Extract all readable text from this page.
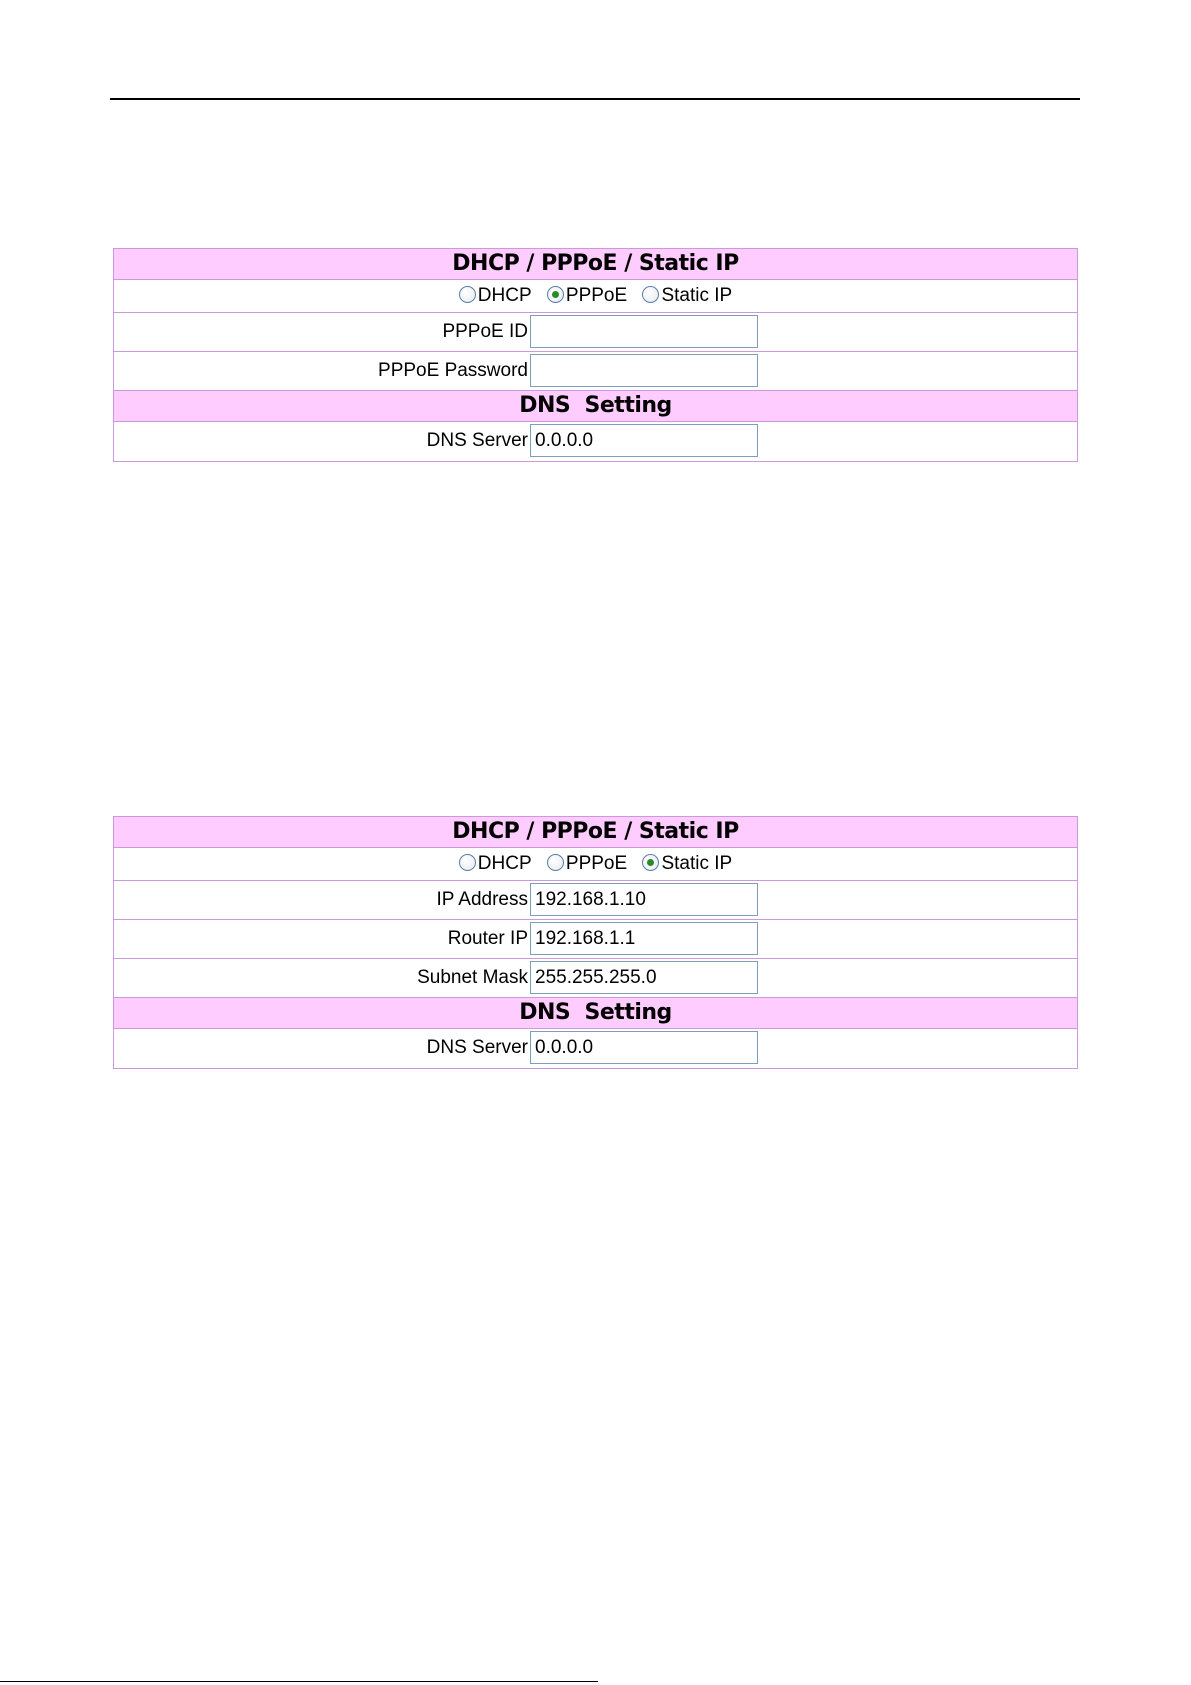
DHCP / PPPoE / Static IP
DHCP PPPoE Static IP
PPPoE ID
PPPoE Password
DNS  Setting
DNS Server
0.0.0.0
DHCP / PPPoE / Static IP
DHCP PPPoE Static IP
IP Address
192.168.1.10
Router IP
192.168.1.1
Subnet Mask
255.255.255.0
DNS  Setting
DNS Server
0.0.0.0
